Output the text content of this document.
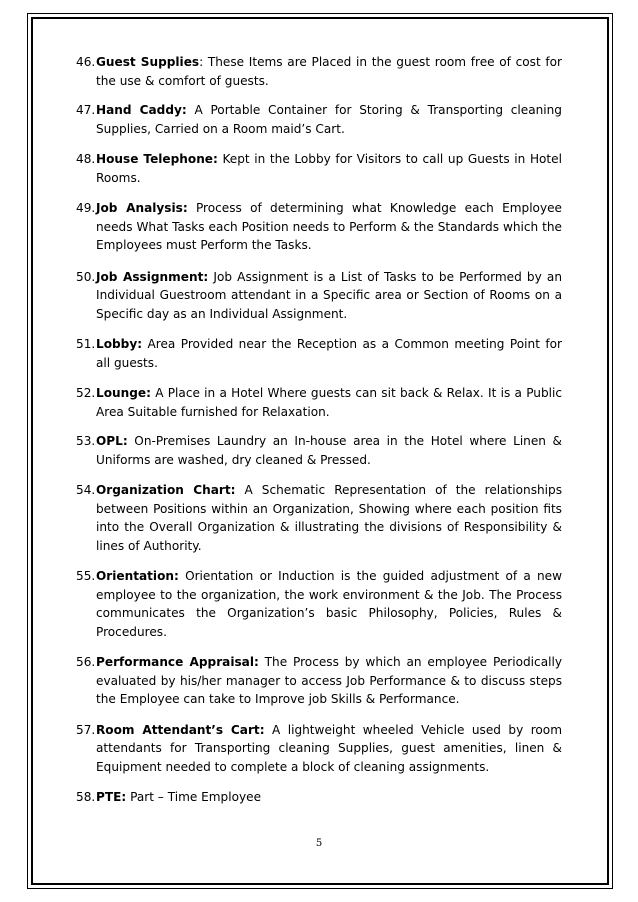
46. Guest Supplies: These Items are Placed in the guest room free of cost for the use & comfort of guests.
47. Hand Caddy: A Portable Container for Storing & Transporting cleaning Supplies, Carried on a Room maid’s Cart.
48. House Telephone: Kept in the Lobby for Visitors to call up Guests in Hotel Rooms.
49. Job Analysis: Process of determining what Knowledge each Employee needs What Tasks each Position needs to Perform & the Standards which the Employees must Perform the Tasks.
50. Job Assignment: Job Assignment is a List of Tasks to be Performed by an Individual Guestroom attendant in a Specific area or Section of Rooms on a Specific day as an Individual Assignment.
51. Lobby: Area Provided near the Reception as a Common meeting Point for all guests.
52. Lounge: A Place in a Hotel Where guests can sit back & Relax. It is a Public Area Suitable furnished for Relaxation.
53. OPL: On-Premises Laundry an In-house area in the Hotel where Linen & Uniforms are washed, dry cleaned & Pressed.
54. Organization Chart: A Schematic Representation of the relationships between Positions within an Organization, Showing where each position fits into the Overall Organization & illustrating the divisions of Responsibility & lines of Authority.
55. Orientation: Orientation or Induction is the guided adjustment of a new employee to the organization, the work environment & the Job. The Process communicates the Organization’s basic Philosophy, Policies, Rules & Procedures.
56. Performance Appraisal: The Process by which an employee Periodically evaluated by his/her manager to access Job Performance & to discuss steps the Employee can take to Improve job Skills & Performance.
57. Room Attendant’s Cart: A lightweight wheeled Vehicle used by room attendants for Transporting cleaning Supplies, guest amenities, linen & Equipment needed to complete a block of cleaning assignments.
58. PTE: Part – Time Employee
5
